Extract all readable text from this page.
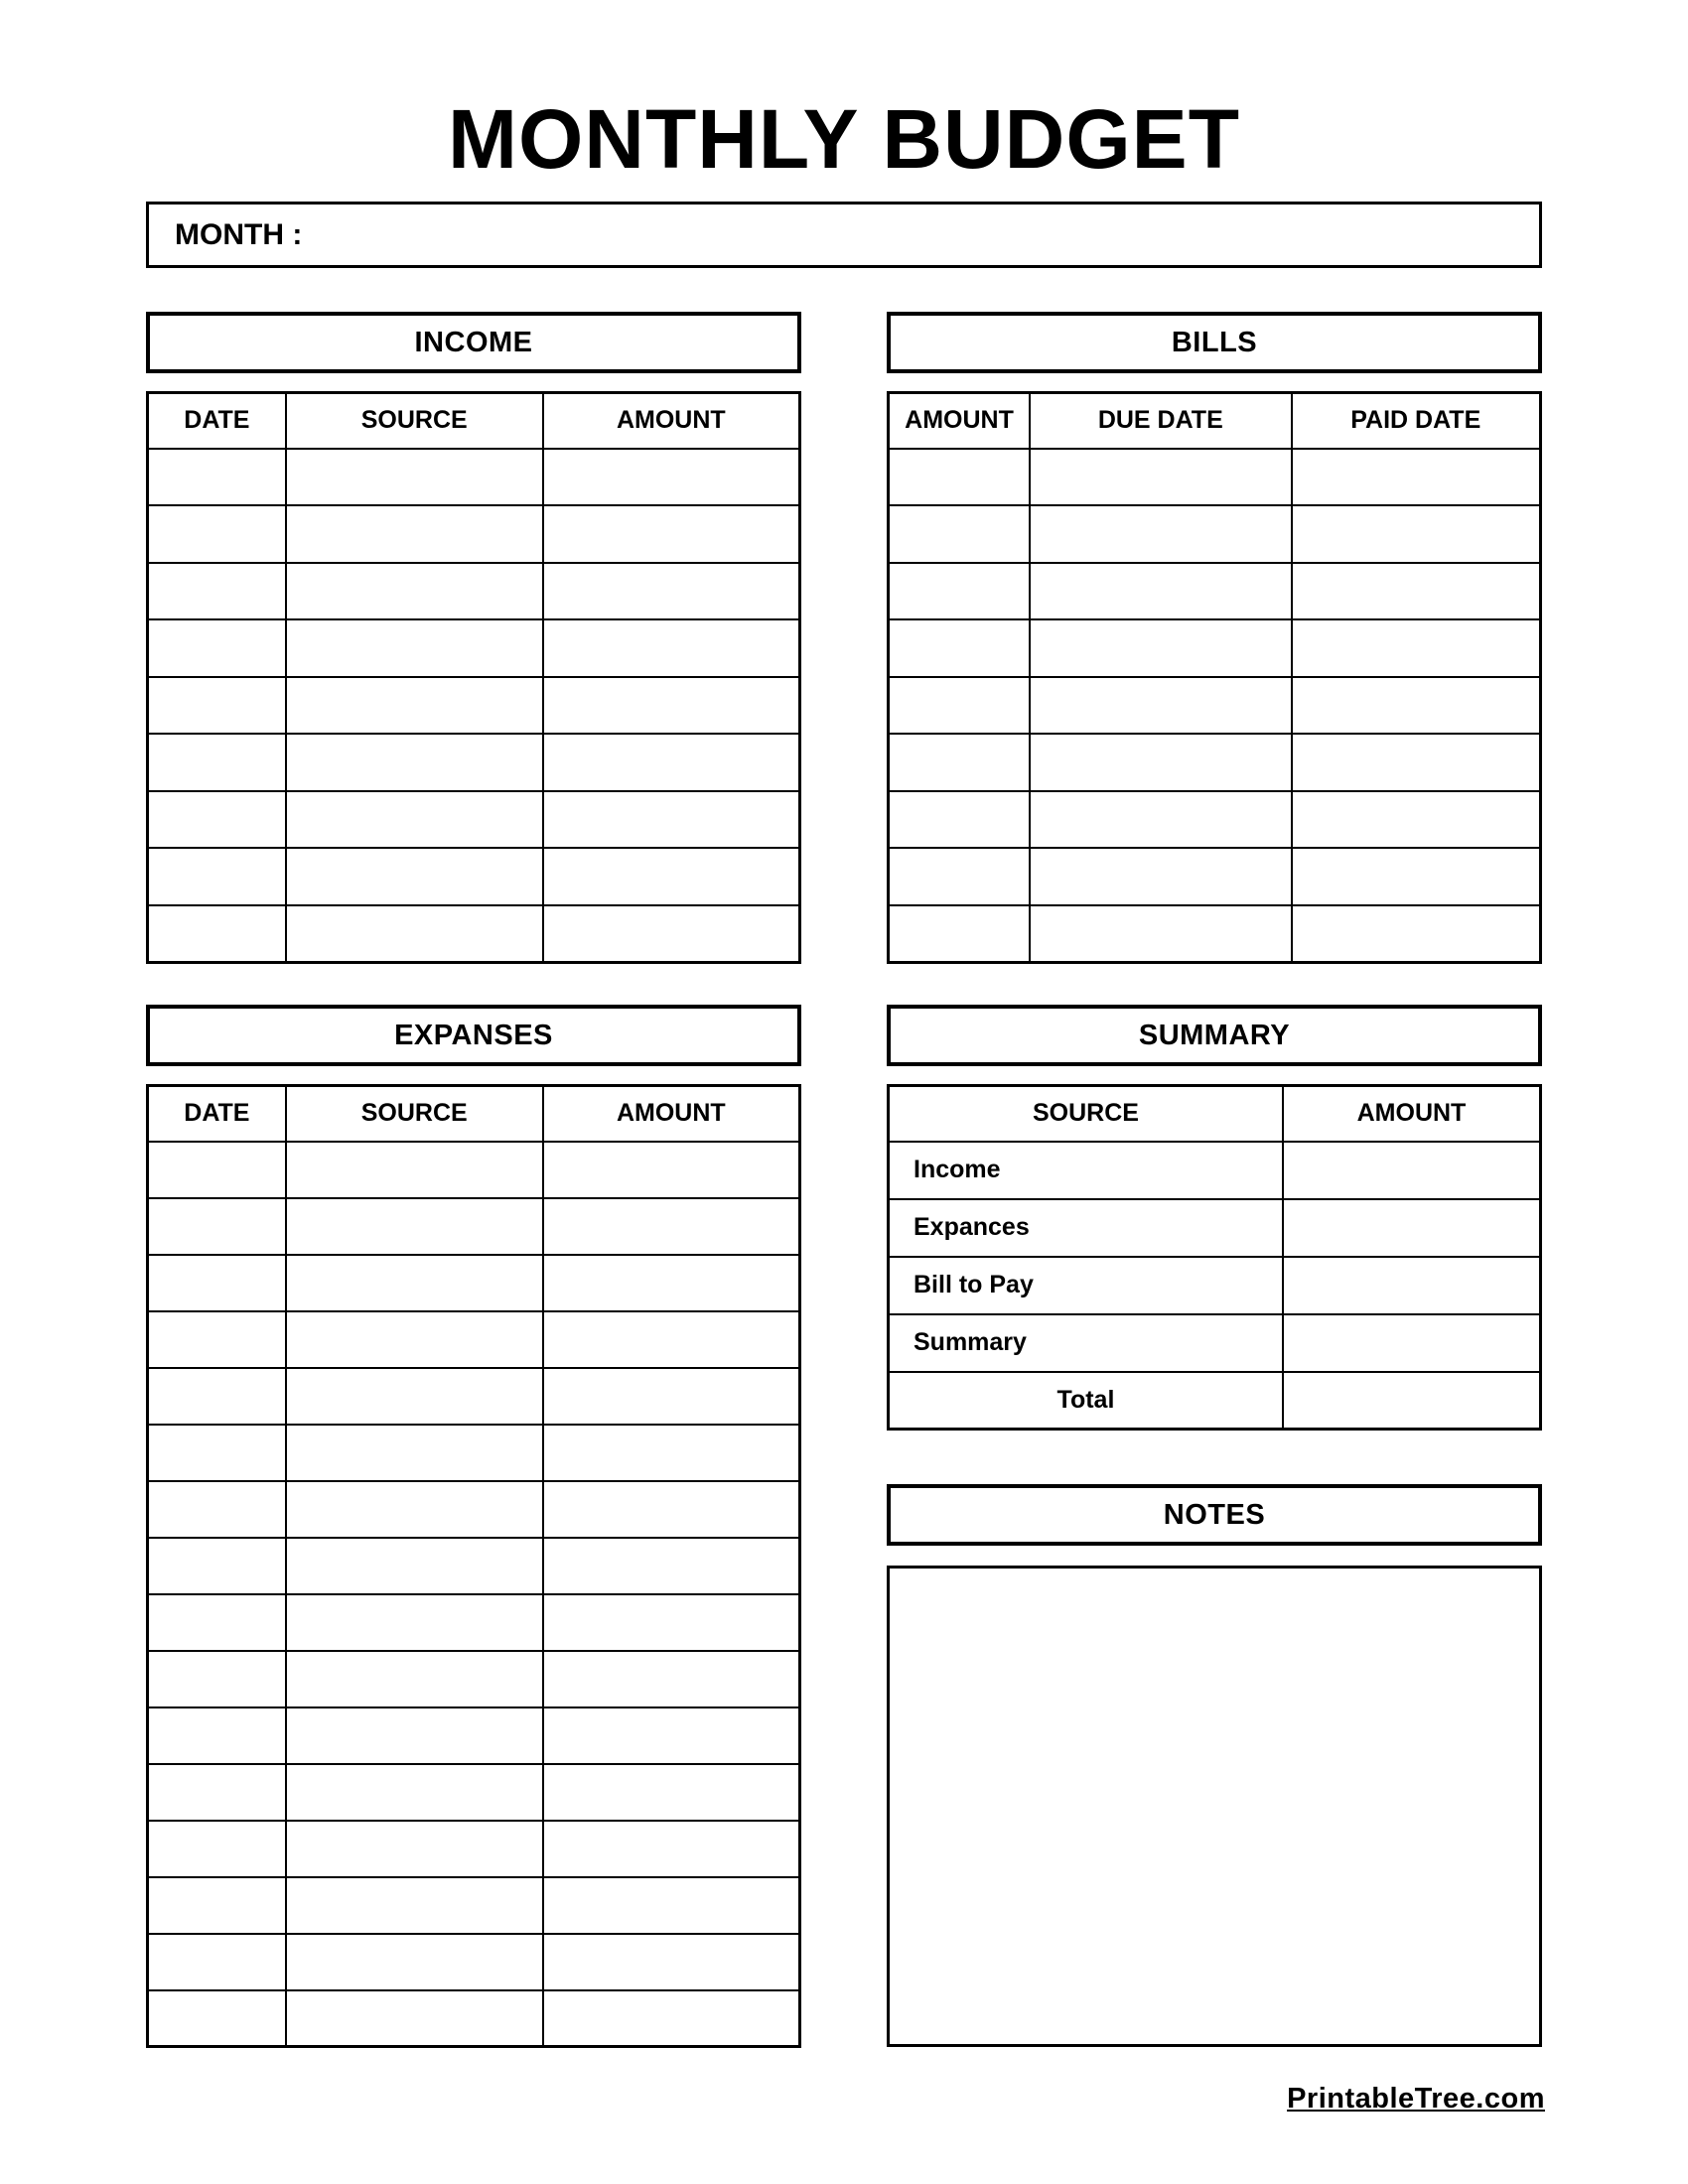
MONTHLY BUDGET
MONTH :
INCOME
DATE	SOURCE	AMOUNT

BILLS
AMOUNT	DUE DATE	PAID DATE

EXPANSES
DATE	SOURCE	AMOUNT

SUMMARY
SOURCE	AMOUNT
Income	
Expances	
Bill to Pay	
Summary	
Total	
NOTES
PrintableTree.com
